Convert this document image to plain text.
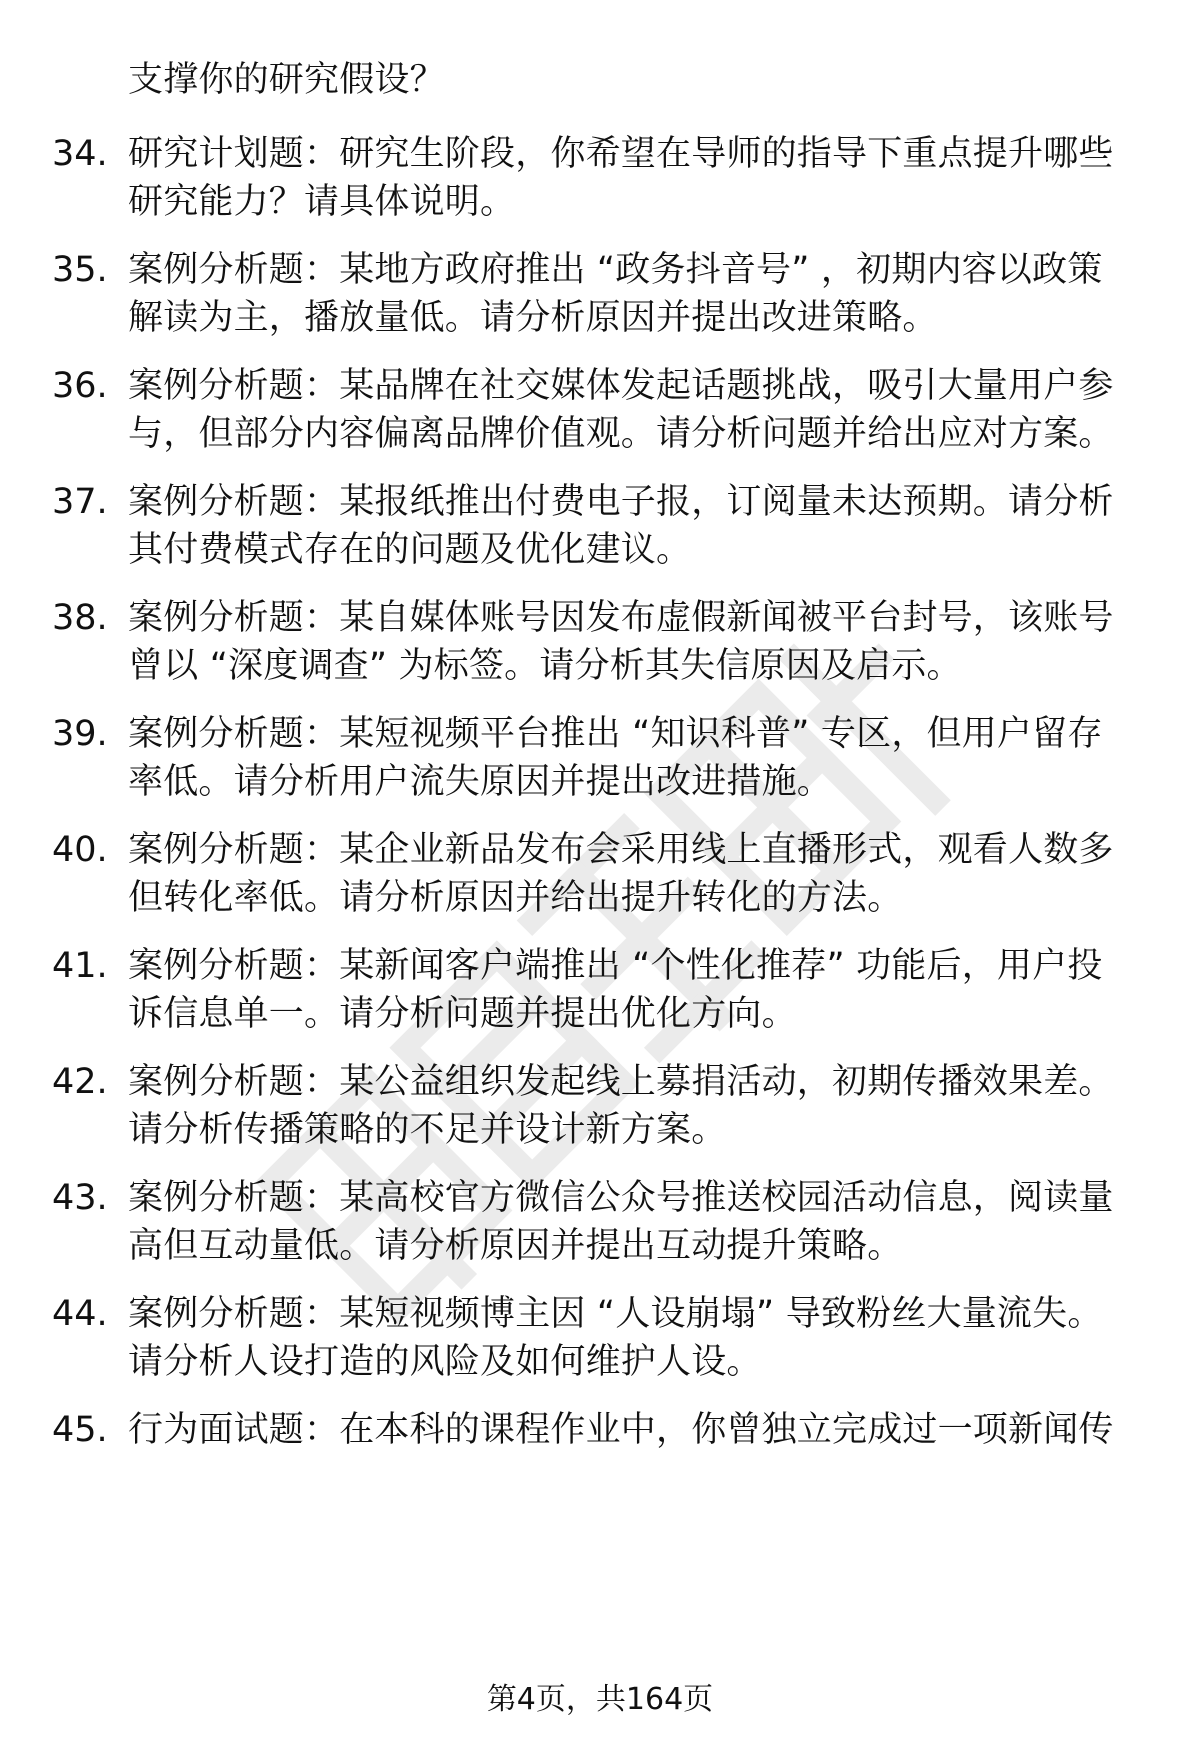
支撑你的研究假设？
34. 研究计划题：研究生阶段，你希望在导师的指导下重点提升哪些
研究能力？请具体说明。
35. 案例分析题：某地方政府推出 “政务抖音号” ，初期内容以政策
解读为主，播放量低。请分析原因并提出改进策略。
36. 案例分析题：某品牌在社交媒体发起话题挑战，吸引大量用户参
与，但部分内容偏离品牌价值观。请分析问题并给出应对方案。
37. 案例分析题：某报纸推出付费电子报，订阅量未达预期。请分析
其付费模式存在的问题及优化建议。
38. 案例分析题：某自媒体账号因发布虚假新闻被平台封号，该账号
曾以 “深度调查” 为标签。请分析其失信原因及启示。
39. 案例分析题：某短视频平台推出 “知识科普” 专区，但用户留存
率低。请分析用户流失原因并提出改进措施。
40. 案例分析题：某企业新品发布会采用线上直播形式，观看人数多
但转化率低。请分析原因并给出提升转化的方法。
41. 案例分析题：某新闻客户端推出 “个性化推荐” 功能后，用户投
诉信息单一。请分析问题并提出优化方向。
42. 案例分析题：某公益组织发起线上募捐活动，初期传播效果差。
请分析传播策略的不足并设计新方案。
43. 案例分析题：某高校官方微信公众号推送校园活动信息，阅读量
高但互动量低。请分析原因并提出互动提升策略。
44. 案例分析题：某短视频博主因 “人设崩塌” 导致粉丝大量流失。
请分析人设打造的风险及如何维护人设。
45. 行为面试题：在本科的课程作业中，你曾独立完成过一项新闻传
第4页，共164页
